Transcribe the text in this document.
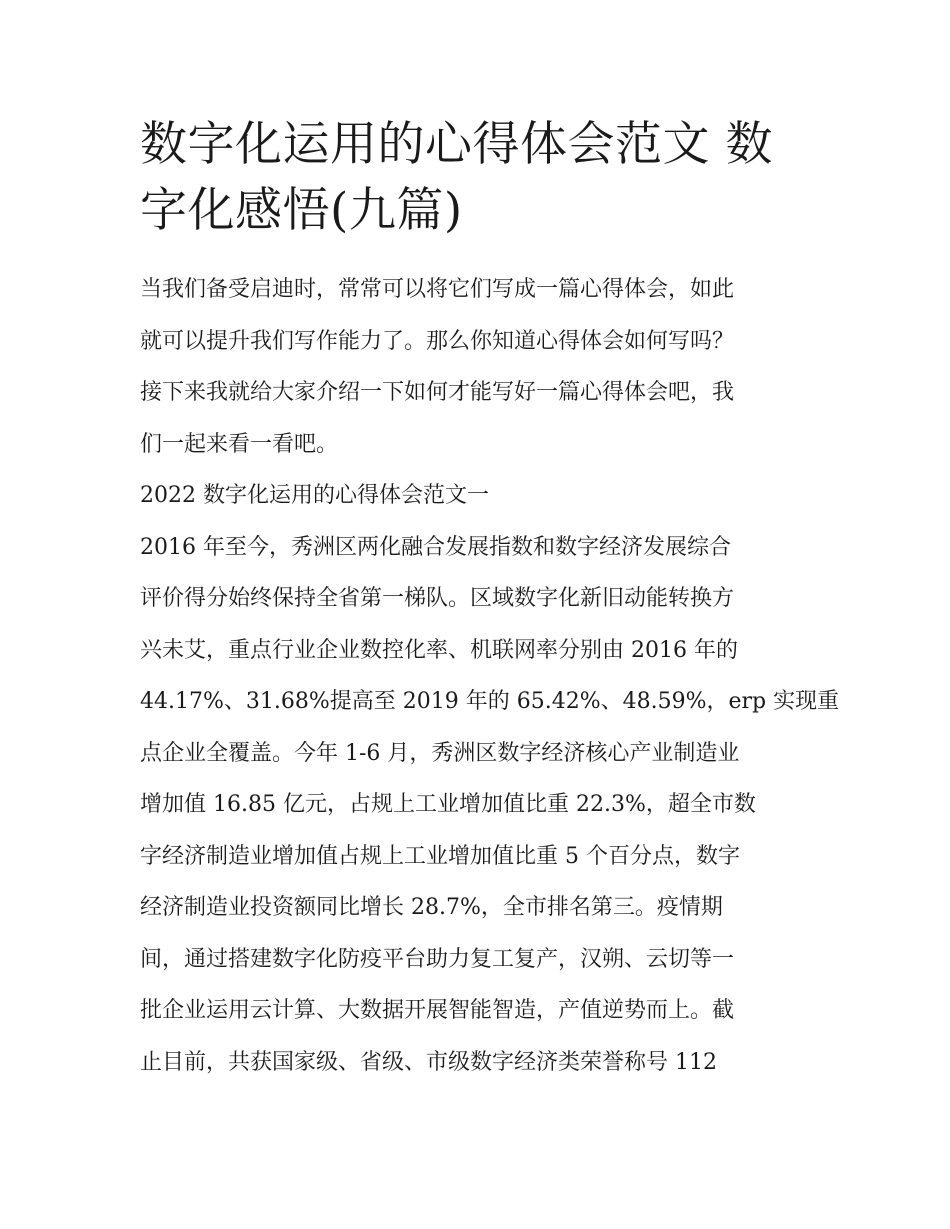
数字化运用的心得体会范文 数
字化感悟(九篇)

当我们备受启迪时，常常可以将它们写成一篇心得体会，如此
就可以提升我们写作能力了。那么你知道心得体会如何写吗？
接下来我就给大家介绍一下如何才能写好一篇心得体会吧，我
们一起来看一看吧。

2022 数字化运用的心得体会范文一

2016 年至今，秀洲区两化融合发展指数和数字经济发展综合
评价得分始终保持全省第一梯队。区域数字化新旧动能转换方
兴未艾，重点行业企业数控化率、机联网率分别由 2016 年的
44.17%、31.68%提高至 2019 年的 65.42%、48.59%，erp 实现重
点企业全覆盖。今年 1-6 月，秀洲区数字经济核心产业制造业
增加值 16.85 亿元，占规上工业增加值比重 22.3%，超全市数
字经济制造业增加值占规上工业增加值比重 5 个百分点，数字
经济制造业投资额同比增长 28.7%，全市排名第三。疫情期
间，通过搭建数字化防疫平台助力复工复产，汉朔、云切等一
批企业运用云计算、大数据开展智能智造，产值逆势而上。截
止目前，共获国家级、省级、市级数字经济类荣誉称号 112
